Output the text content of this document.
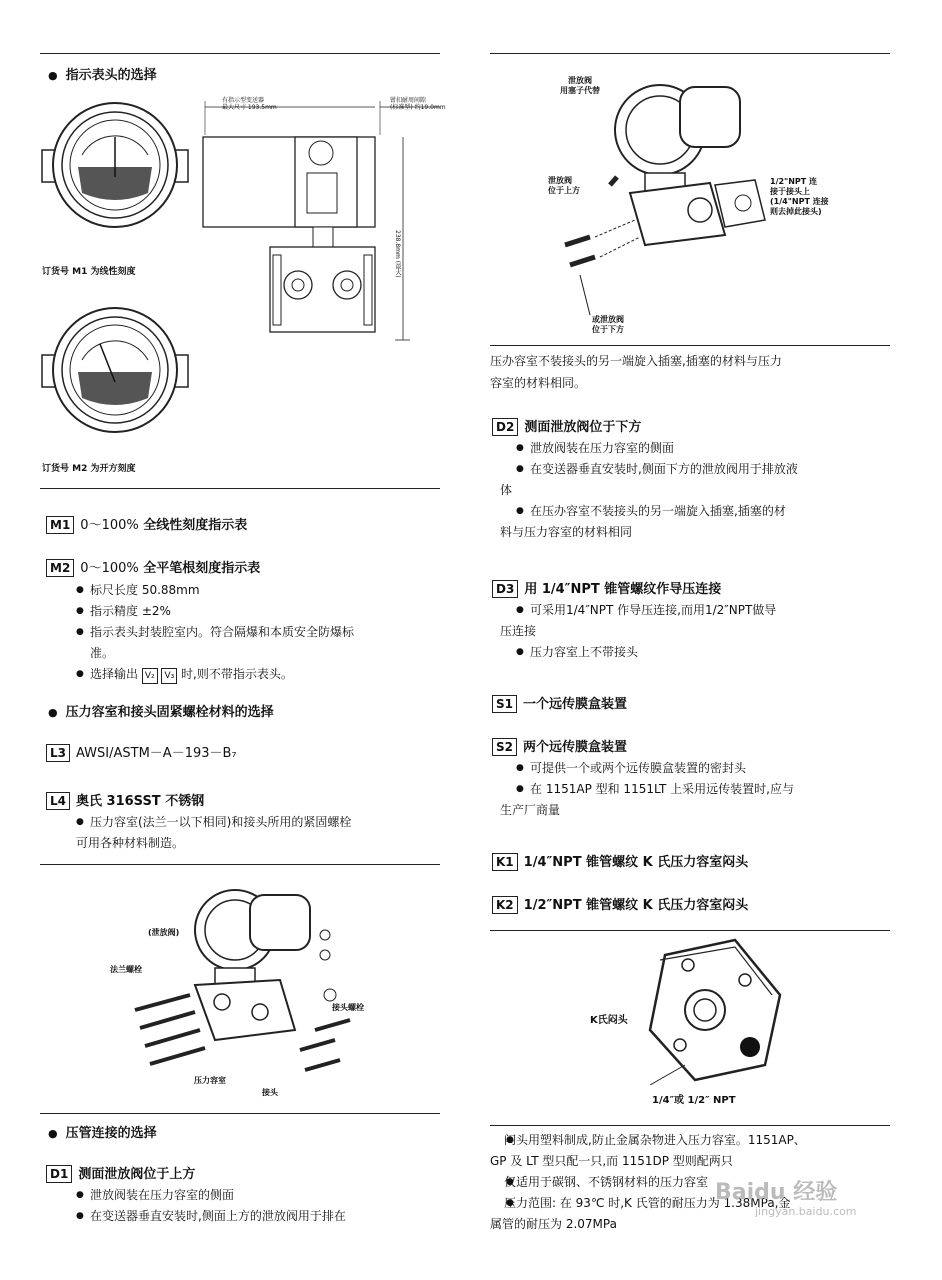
● 指示表头的选择
订货号 M1 为线性刻度
订货号 M2 为开方刻度
有指示型变送器
最大尺寸 193.5mm
钳扣耐周间隙
(标准型) 约19.0mm
238.8mm (最大)
M1 0～100% 全线性刻度指示表
M2 0～100% 全平笔根刻度指示表
● 标尺长度 50.88mm
● 指示精度 ±2%
● 指示表头封装腔室内。符合隔爆和本质安全防爆标
准。
● 选择输出 V₂ V₃ 时,则不带指示表头。
● 压力容室和接头固紧螺栓材料的选择
L3 AWSI/ASTM－A－193－B₇
L4 奥氏 316SST 不锈钢
● 压力容室(法兰一以下相同)和接头所用的紧固螺栓
可用各种材料制造。
(泄放阀)
法兰螺栓
接头螺栓
压力容室
接头
● 压管连接的选择
D1 测面泄放阀位于上方
● 泄放阀装在压力容室的侧面
● 在变送器垂直安装时,侧面上方的泄放阀用于排在
泄放阀
用塞子代替
泄放阀
位于上方
1/2"NPT 连
接于接头上
(1/4"NPT 连接
则去掉此接头)
或泄放阀
位于下方
压办容室不装接头的另一端旋入插塞,插塞的材料与压力
容室的材料相同。
D2 测面泄放阀位于下方
● 泄放阀装在压力容室的侧面
● 在变送器垂直安装时,侧面下方的泄放阀用于排放液
体
● 在压办容室不装接头的另一端旋入插塞,插塞的材
料与压力容室的材料相同
D3 用 1/4″NPT 锥管螺纹作导压连接
● 可采用1/4″NPT 作导压连接,而用1/2″NPT做导
压连接
● 压力容室上不带接头
S1 一个远传膜盒装置
S2 两个远传膜盒装置
● 可提供一个或两个远传膜盒装置的密封头
● 在 1151AP 型和 1151LT 上采用远传装置时,应与
生产厂商量
K1 1/4″NPT 锥管螺纹 K 氏压力容室闷头
K2 1/2″NPT 锥管螺纹 K 氏压力容室闷头
K氏闷头
1/4″或 1/2″ NPT
● 闷头用塑料制成,防止金属杂物进入压力容室。1151AP、
GP 及 LT 型只配一只,而 1151DP 型则配两只
● 仅适用于碳钢、不锈钢材料的压力容室
● 压力范围: 在 93℃ 时,K 氏管的耐压力为 1.38MPa,金
属管的耐压为 2.07MPa
Baidu 经验
jingyan.baidu.com
